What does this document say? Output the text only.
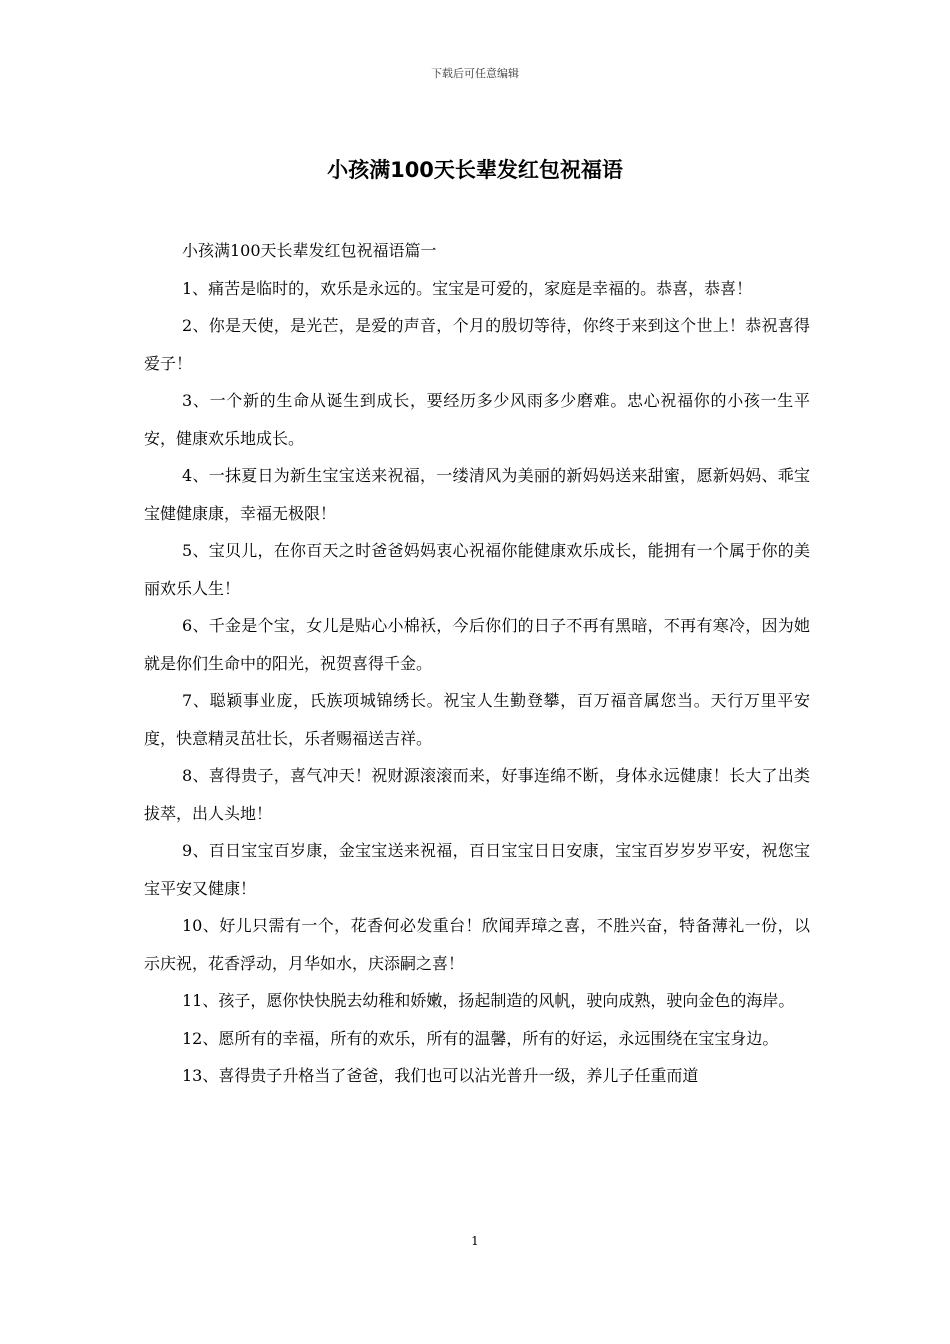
下载后可任意编辑
小孩满100天长辈发红包祝福语

小孩满100天长辈发红包祝福语篇一

1、痛苦是临时的，欢乐是永远的。宝宝是可爱的，家庭是幸福的。恭喜，恭喜！

2、你是天使，是光芒，是爱的声音，个月的殷切等待，你终于来到这个世上！恭祝喜得爱子！

3、一个新的生命从诞生到成长，要经历多少风雨多少磨难。忠心祝福你的小孩一生平安，健康欢乐地成长。

4、一抹夏日为新生宝宝送来祝福，一缕清风为美丽的新妈妈送来甜蜜，愿新妈妈、乖宝宝健健康康，幸福无极限！

5、宝贝儿，在你百天之时爸爸妈妈衷心祝福你能健康欢乐成长，能拥有一个属于你的美丽欢乐人生！

6、千金是个宝，女儿是贴心小棉袄，今后你们的日子不再有黑暗，不再有寒冷，因为她就是你们生命中的阳光，祝贺喜得千金。

7、聪颖事业庞，氏族项城锦绣长。祝宝人生勤登攀，百万福音属您当。天行万里平安度，快意精灵茁壮长，乐者赐福送吉祥。

8、喜得贵子，喜气冲天！祝财源滚滚而来，好事连绵不断，身体永远健康！长大了出类拔萃，出人头地！

9、百日宝宝百岁康，金宝宝送来祝福，百日宝宝日日安康，宝宝百岁岁岁平安，祝您宝宝平安又健康！

10、好儿只需有一个，花香何必发重台！欣闻弄璋之喜，不胜兴奋，特备薄礼一份，以示庆祝，花香浮动，月华如水，庆添嗣之喜！

11、孩子，愿你快快脱去幼稚和娇嫩，扬起制造的风帆，驶向成熟，驶向金色的海岸。

12、愿所有的幸福，所有的欢乐，所有的温馨，所有的好运，永远围绕在宝宝身边。

13、喜得贵子升格当了爸爸，我们也可以沾光普升一级，养儿子任重而道

1
